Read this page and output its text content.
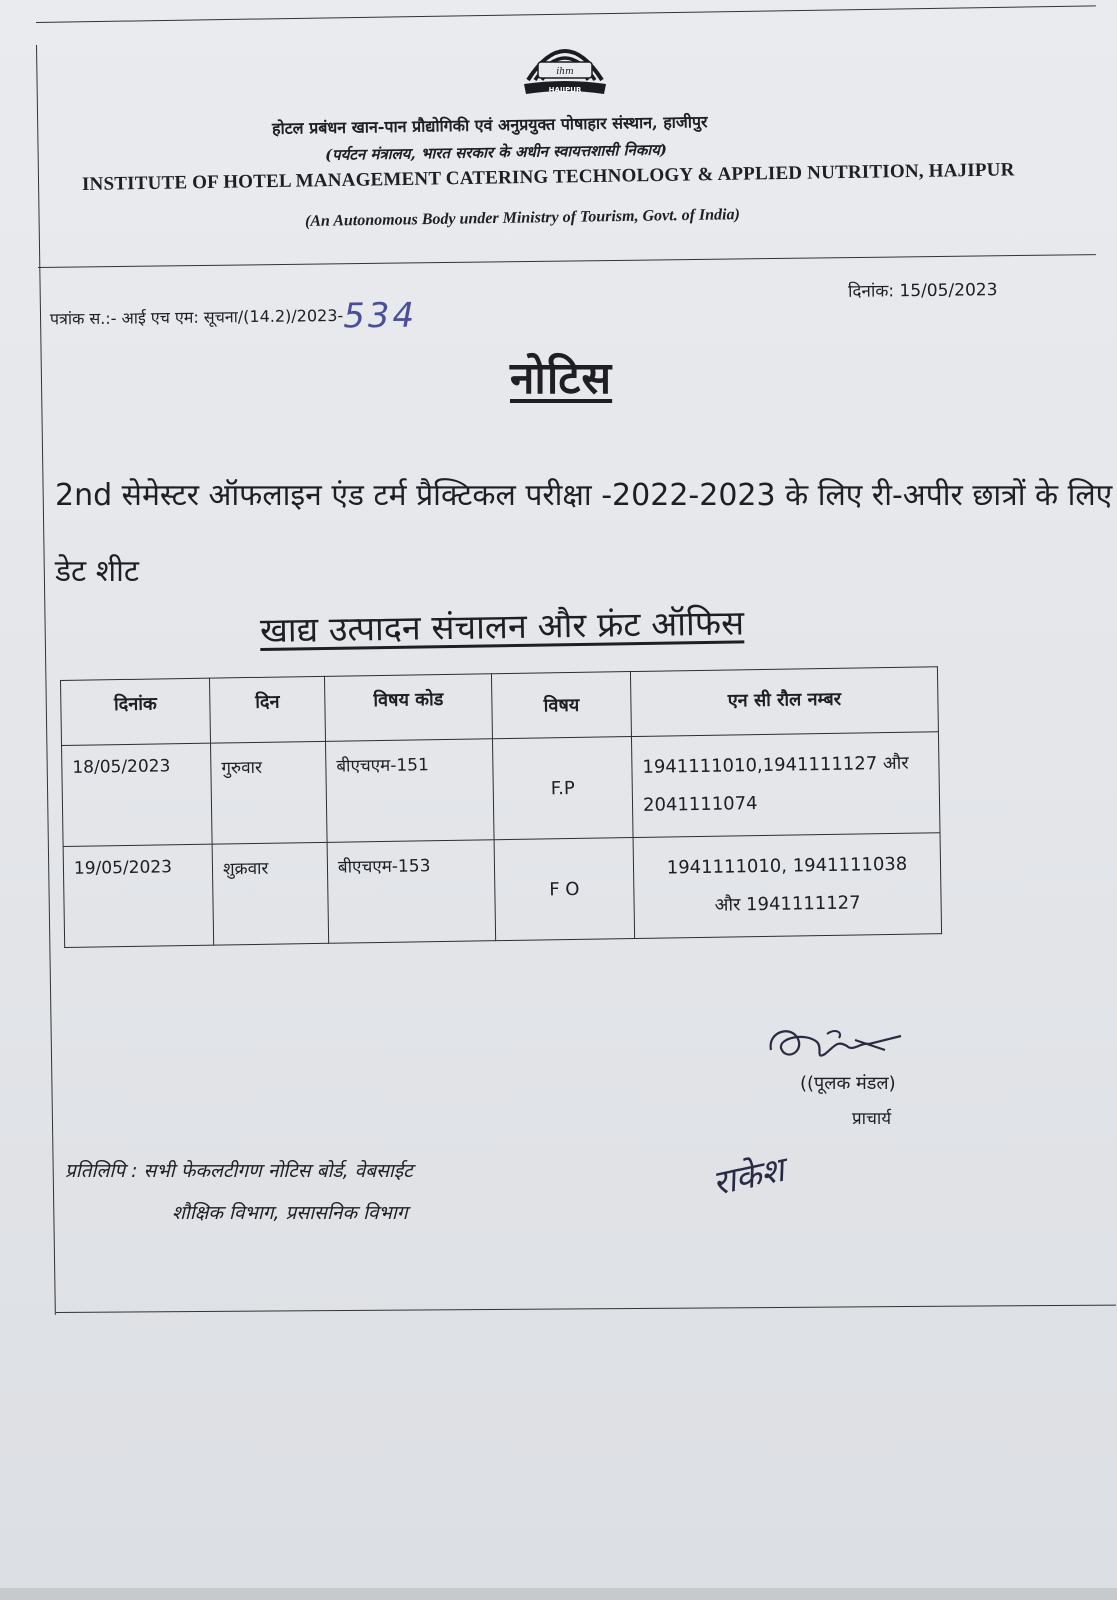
ihm
HAJIPUR
होटल प्रबंधन खान-पान प्रौद्योगिकी एवं अनुप्रयुक्त पोषाहार संस्थान, हाजीपुर
(पर्यटन मंत्रालय, भारत सरकार के अधीन स्वायत्तशासी निकाय)
INSTITUTE OF HOTEL MANAGEMENT CATERING TECHNOLOGY & APPLIED NUTRITION, HAJIPUR
(An Autonomous Body under Ministry of Tourism, Govt. of India)
पत्रांक स.:- आई एच एम: सूचना/(14.2)/2023-534
दिनांक: 15/05/2023
नोटिस
2nd सेमेस्टर ऑफलाइन एंड टर्म प्रैक्टिकल परीक्षा -2022-2023 के लिए री-अपीर छात्रों के लिए डेट शीट
खाद्य उत्पादन संचालन और फ्रंट ऑफिस
दिनांक	दिन	विषय कोड	विषय	एन सी रौल नम्बर
18/05/2023	गुरुवार	बीएचएम-151	F.P	1941111010,1941111127 और
2041111074

19/05/2023	शुक्रवार	बीएचएम-153	F O	1941111010, 1941111038
और 1941111127
((पूलक मंडल)
प्राचार्य
प्रतिलिपि : सभी फेकलटीगण नोटिस बोर्ड, वेबसाईट
शौक्षिक विभाग, प्रसासनिक विभाग
राकेश
